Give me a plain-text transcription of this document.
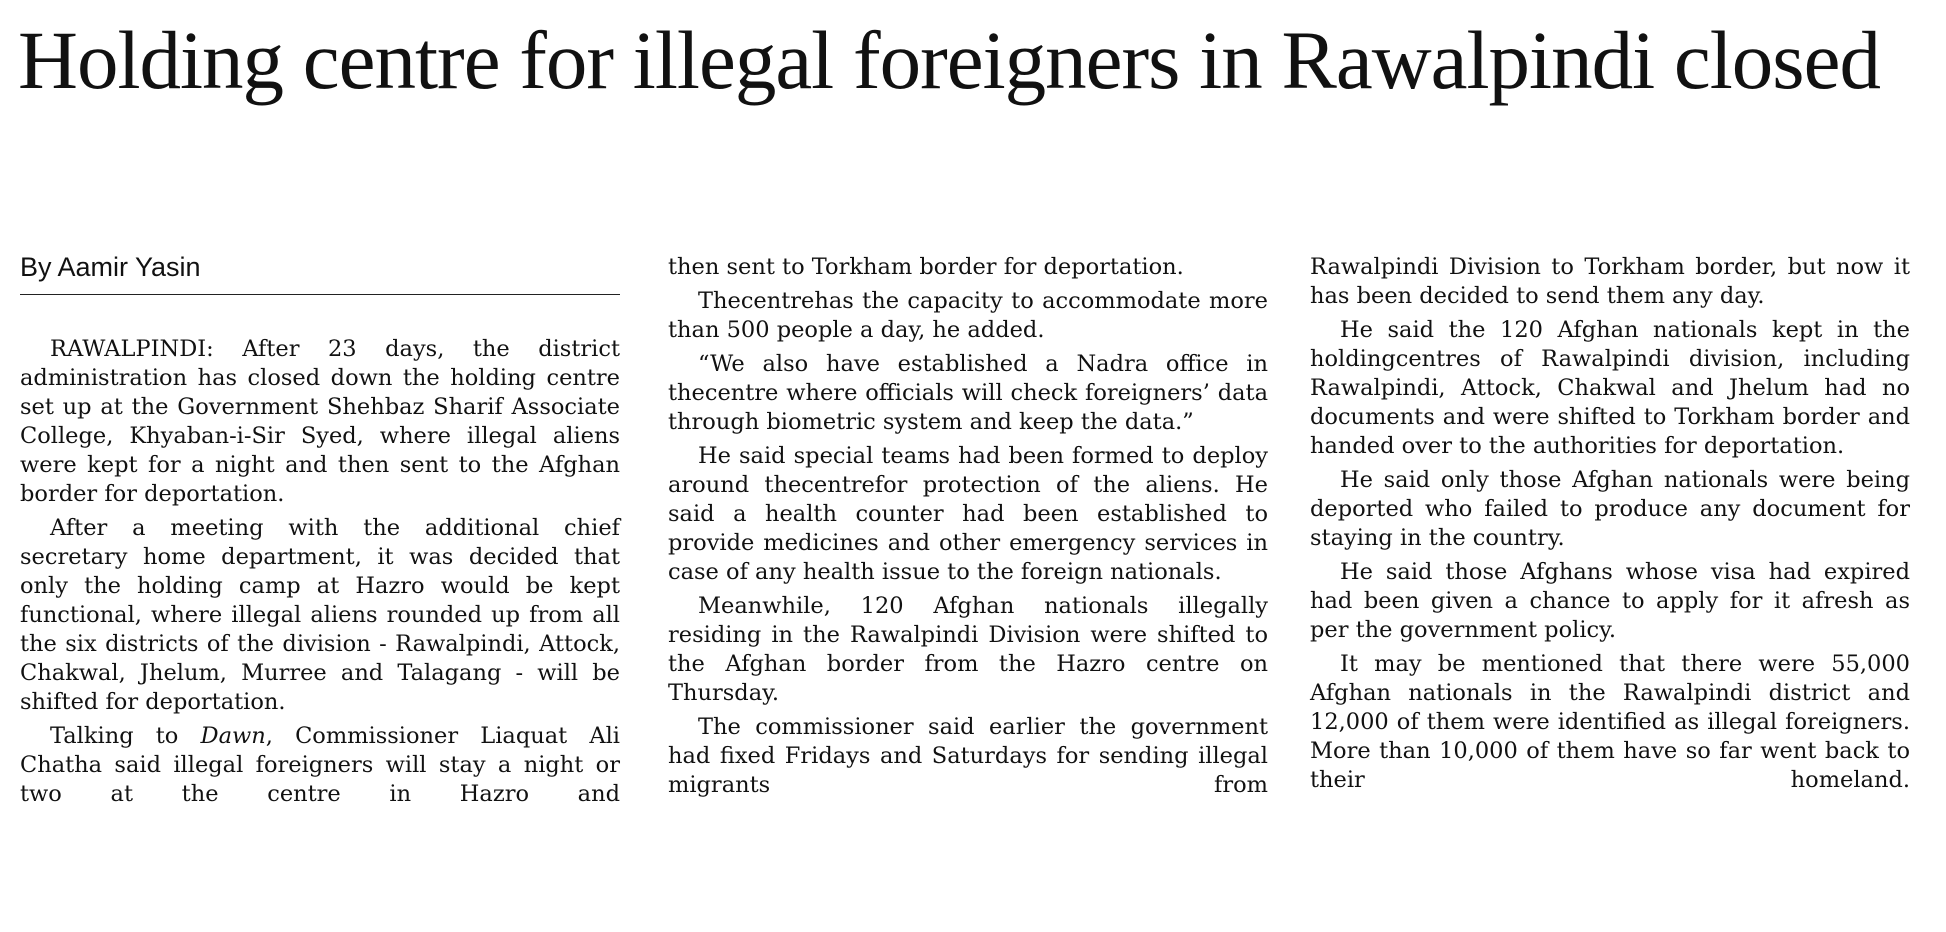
Holding centre for illegal foreigners in Rawalpindi closed
By Aamir Yasin

RAWALPINDI: After 23 days, the district administration has closed down the holding centre set up at the Government Shehbaz Sharif Associate College, Khyaban-i-Sir Syed, where illegal aliens were kept for a night and then sent to the Afghan border for deportation.

After a meeting with the additional chief secretary home department, it was decided that only the holding camp at Hazro would be kept functional, where illegal aliens rounded up from all the six districts of the division - Rawalpindi, Attock, Chakwal, Jhelum, Murree and Talagang - will be shifted for deportation.

Talking to Dawn, Commissioner Liaquat Ali Chatha said illegal foreigners will stay a night or two at the centre in Hazro and

then sent to Torkham border for deportation.

Thecentrehas the capacity to accommodate more than 500 people a day, he added.

“We also have established a Nadra office in thecentre where officials will check foreigners’ data through biometric system and keep the data.”

He said special teams had been formed to deploy around thecentrefor protection of the aliens. He said a health counter had been established to provide medicines and other emergency services in case of any health issue to the foreign nationals.

Meanwhile, 120 Afghan nationals illegally residing in the Rawalpindi Division were shifted to the Afghan border from the Hazro centre on Thursday.

The commissioner said earlier the government had fixed Fridays and Saturdays for sending illegal migrants from

Rawalpindi Division to Torkham border, but now it has been decided to send them any day.

He said the 120 Afghan nationals kept in the holdingcentres of Rawalpindi division, including Rawalpindi, Attock, Chakwal and Jhelum had no documents and were shifted to Torkham border and handed over to the authorities for deportation.

He said only those Afghan nationals were being deported who failed to produce any document for staying in the country.

He said those Afghans whose visa had expired had been given a chance to apply for it afresh as per the government policy.

It may be mentioned that there were 55,000 Afghan nationals in the Rawalpindi district and 12,000 of them were identified as illegal foreigners. More than 10,000 of them have so far went back to their homeland.
